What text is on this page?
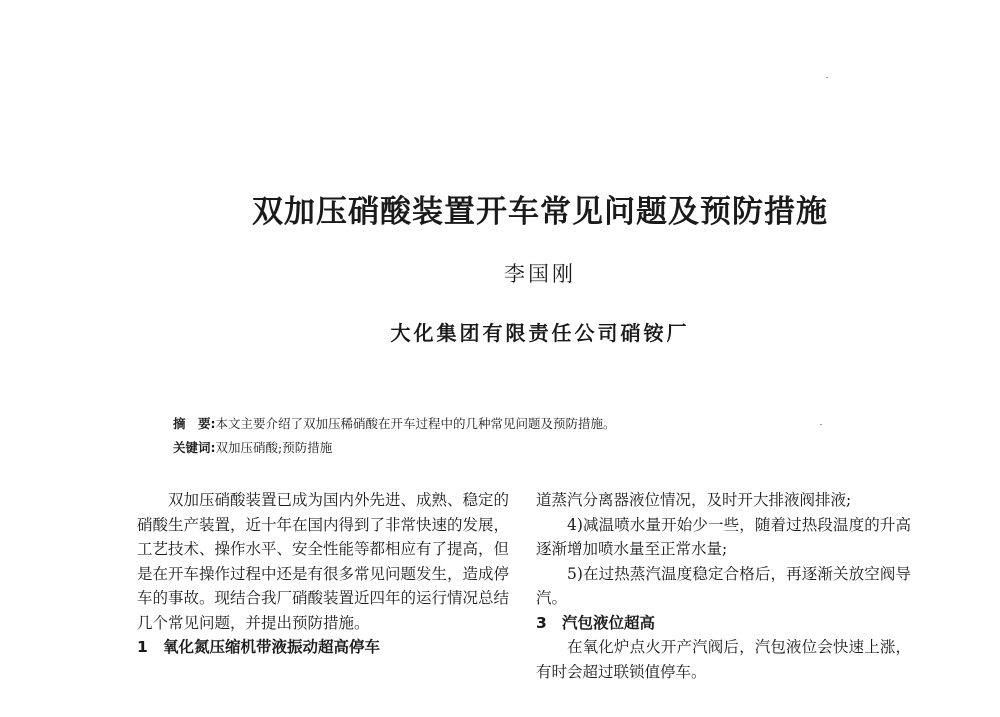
双加压硝酸装置开车常见问题及预防措施
李国刚
大化集团有限责任公司硝铵厂
摘　要:本文主要介绍了双加压稀硝酸在开车过程中的几种常见问题及预防措施。
关键词:双加压硝酸;预防措施

双加压硝酸装置已成为国内外先进、成熟、稳定的硝酸生产装置，近十年在国内得到了非常快速的发展，工艺技术、操作水平、安全性能等都相应有了提高，但是在开车操作过程中还是有很多常见问题发生，造成停车的事故。现结合我厂硝酸装置近四年的运行情况总结几个常见问题，并提出预防措施。

1 氧化氮压缩机带液振动超高停车

道蒸汽分离器液位情况，及时开大排液阀排液;

4)减温喷水量开始少一些，随着过热段温度的升高逐渐增加喷水量至正常水量;

5)在过热蒸汽温度稳定合格后，再逐渐关放空阀导汽。

3 汽包液位超高

在氧化炉点火开产汽阀后，汽包液位会快速上涨，有时会超过联锁值停车。
